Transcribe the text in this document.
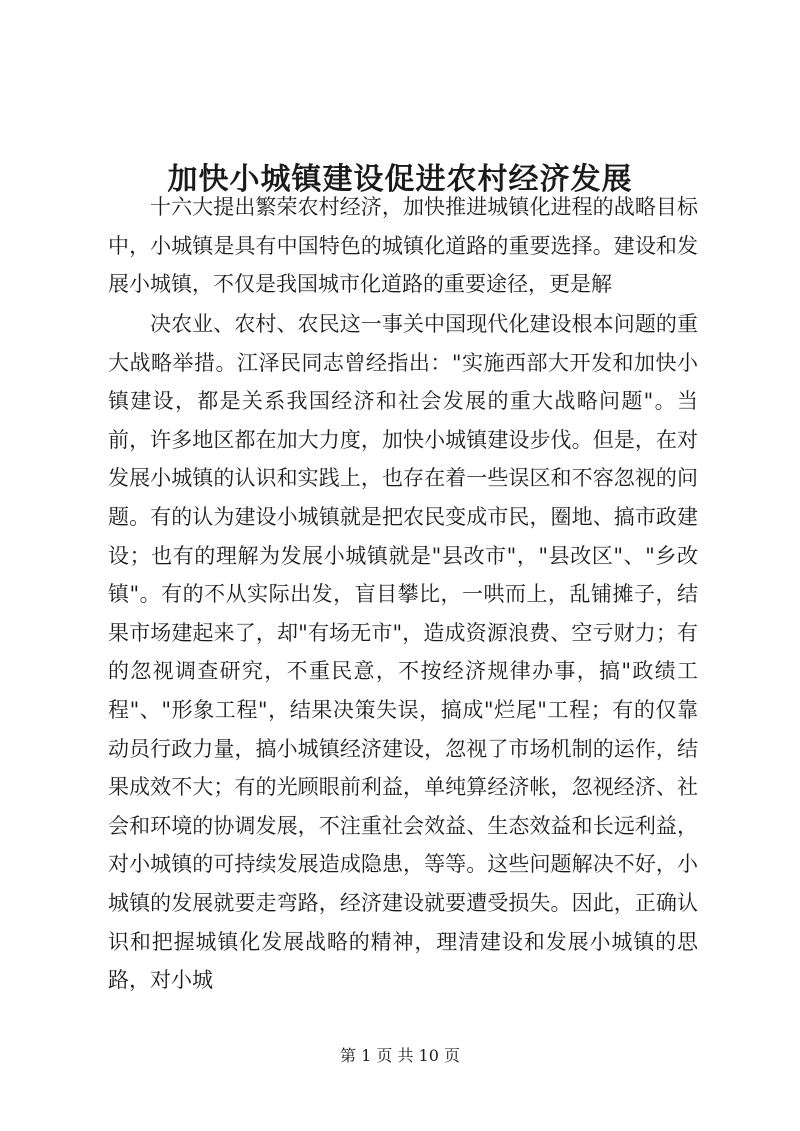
加快小城镇建设促进农村经济发展

十六大提出繁荣农村经济，加快推进城镇化进程的战略目标中，小城镇是具有中国特色的城镇化道路的重要选择。建设和发展小城镇，不仅是我国城市化道路的重要途径，更是解

决农业、农村、农民这一事关中国现代化建设根本问题的重大战略举措。江泽民同志曾经指出："实施西部大开发和加快小镇建设，都是关系我国经济和社会发展的重大战略问题"。当前，许多地区都在加大力度，加快小城镇建设步伐。但是，在对发展小城镇的认识和实践上，也存在着一些误区和不容忽视的问题。有的认为建设小城镇就是把农民变成市民，圈地、搞市政建设；也有的理解为发展小城镇就是"县改市"，"县改区"、"乡改镇"。有的不从实际出发，盲目攀比，一哄而上，乱铺摊子，结果市场建起来了，却"有场无市"，造成资源浪费、空亏财力；有的忽视调查研究，不重民意，不按经济规律办事，搞"政绩工程"、"形象工程"，结果决策失误，搞成"烂尾"工程；有的仅靠动员行政力量，搞小城镇经济建设，忽视了市场机制的运作，结果成效不大；有的光顾眼前利益，单纯算经济帐，忽视经济、社会和环境的协调发展，不注重社会效益、生态效益和长远利益，对小城镇的可持续发展造成隐患，等等。这些问题解决不好，小城镇的发展就要走弯路，经济建设就要遭受损失。因此，正确认识和把握城镇化发展战略的精神，理清建设和发展小城镇的思路，对小城

第 1 页 共 10 页
